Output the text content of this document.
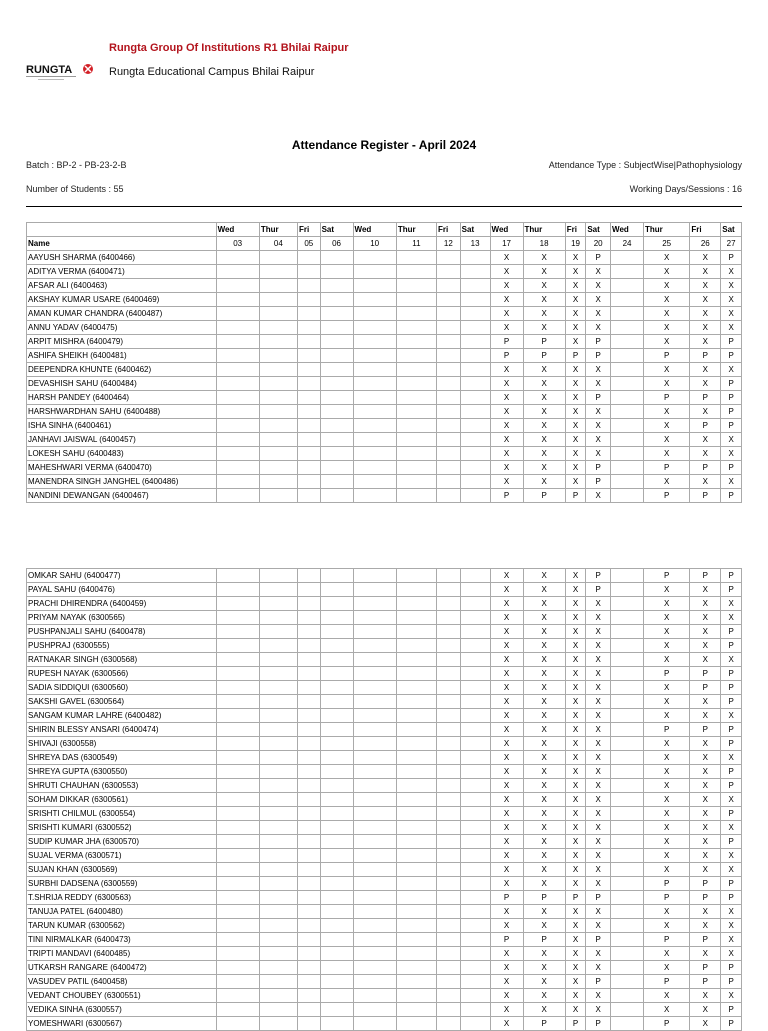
Rungta Group Of Institutions R1 Bhilai Raipur
RUNGTA	Rungta Educational Campus Bhilai Raipur
Attendance Register - April 2024
Batch : BP-2 - PB-23-2-B	Attendance Type : SubjectWise|Pathophysiology
Number of Students : 55	Working Days/Sessions : 16
	Wed	Thur	Fri	Sat	Wed	Thur	Fri	Sat	Wed	Thur	Fri	Sat	Wed	Thur	Fri	Sat
Name	03	04	05	06	10	11	12	13	17	18	19	20	24	25	26	27
AAYUSH SHARMA (6400466)									X	X	X	P		X	X	P
ADITYA VERMA (6400471)									X	X	X	X		X	X	X
AFSAR ALI (6400463)									X	X	X	X		X	X	X
AKSHAY KUMAR USARE (6400469)									X	X	X	X		X	X	X
AMAN KUMAR CHANDRA (6400487)									X	X	X	X		X	X	X
ANNU YADAV (6400475)									X	X	X	X		X	X	X
ARPIT MISHRA (6400479)									P	P	X	P		X	X	P
ASHIFA SHEIKH (6400481)									P	P	P	P		P	P	P
DEEPENDRA KHUNTE (6400462)									X	X	X	X		X	X	X
DEVASHISH SAHU (6400484)									X	X	X	X		X	X	P
HARSH PANDEY (6400464)									X	X	X	P		P	P	P
HARSHWARDHAN SAHU (6400488)									X	X	X	X		X	X	P
ISHA SINHA (6400461)									X	X	X	X		X	P	P
JANHAVI JAISWAL (6400457)									X	X	X	X		X	X	X
LOKESH SAHU (6400483)									X	X	X	X		X	X	X
MAHESHWARI VERMA (6400470)									X	X	X	P		P	P	P
MANENDRA SINGH JANGHEL (6400486)									X	X	X	P		X	X	X
NANDINI DEWANGAN (6400467)									P	P	P	X		P	P	P
OMKAR SAHU (6400477)									X	X	X	P		P	P	P
PAYAL SAHU (6400476)									X	X	X	P		X	X	P
PRACHI DHIRENDRA (6400459)									X	X	X	X		X	X	X
PRIYAM NAYAK (6300565)									X	X	X	X		X	X	X
PUSHPANJALI SAHU (6400478)									X	X	X	X		X	X	P
PUSHPRAJ (6300555)									X	X	X	X		X	X	P
RATNAKAR SINGH (6300568)									X	X	X	X		X	X	X
RUPESH NAYAK (6300566)									X	X	X	X		P	P	P
SADIA SIDDIQUI (6300560)									X	X	X	X		X	P	P
SAKSHI GAVEL (6300564)									X	X	X	X		X	X	P
SANGAM KUMAR LAHRE (6400482)									X	X	X	X		X	X	X
SHIRIN BLESSY ANSARI (6400474)									X	X	X	X		P	P	P
SHIVAJI (6300558)									X	X	X	X		X	X	P
SHREYA DAS (6300549)									X	X	X	X		X	X	X
SHREYA GUPTA (6300550)									X	X	X	X		X	X	P
SHRUTI CHAUHAN (6300553)									X	X	X	X		X	X	P
SOHAM DIKKAR (6300561)									X	X	X	X		X	X	X
SRISHTI CHILMUL (6300554)									X	X	X	X		X	X	P
SRISHTI KUMARI (6300552)									X	X	X	X		X	X	X
SUDIP KUMAR JHA (6300570)									X	X	X	X		X	X	P
SUJAL VERMA (6300571)									X	X	X	X		X	X	X
SUJAN KHAN (6300569)									X	X	X	X		X	X	X
SURBHI DADSENA (6300559)									X	X	X	X		P	P	P
T.SHRIJA REDDY (6300563)									P	P	P	P		P	P	P
TANUJA PATEL (6400480)									X	X	X	X		X	X	X
TARUN KUMAR (6300562)									X	X	X	X		X	X	X
TINI NIRMALKAR (6400473)									P	P	X	P		P	P	X
TRIPTI MANDAVI (6400485)									X	X	X	X		X	X	X
UTKARSH RANGARE (6400472)									X	X	X	X		X	P	P
VASUDEV PATIL (6400458)									X	X	X	P		P	P	P
VEDANT CHOUBEY (6300551)									X	X	X	X		X	X	X
VEDIKA SINHA (6300557)									X	X	X	X		X	X	P
YOMESHWARI (6300567)									X	P	P	P		P	X	P
